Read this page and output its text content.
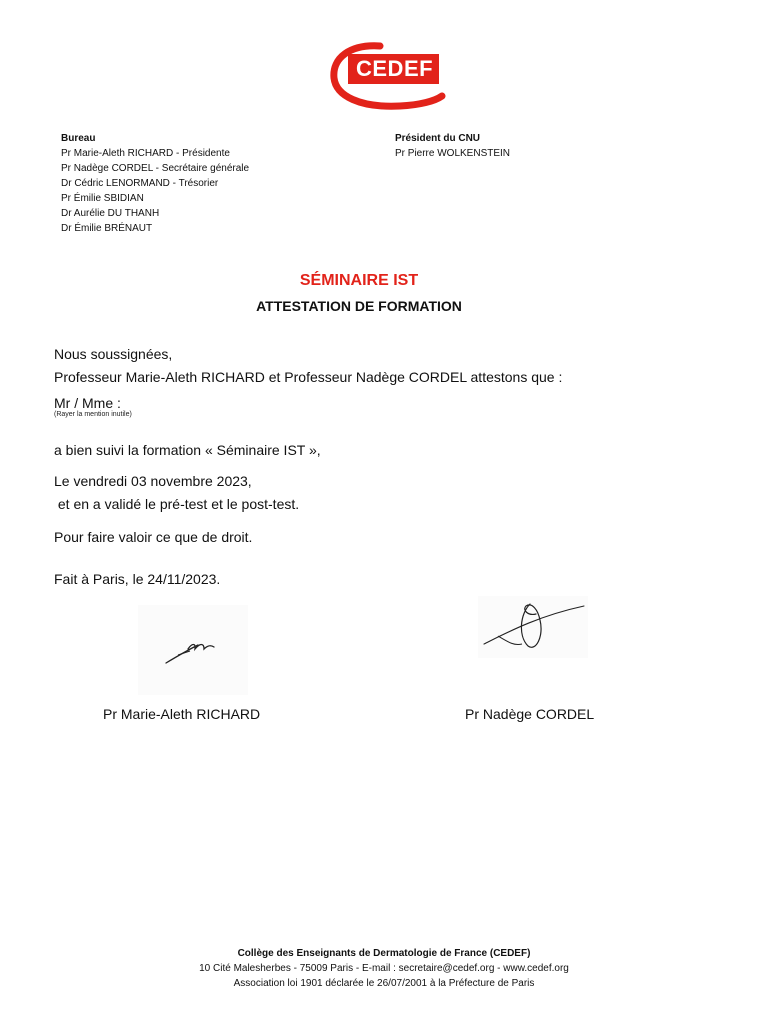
CEDEF
Bureau
Pr Marie-Aleth RICHARD - Présidente
Pr Nadège CORDEL - Secrétaire générale
Dr Cédric LENORMAND - Trésorier
Pr Émilie SBIDIAN
Dr Aurélie DU THANH
Dr Émilie BRÉNAUT
Président du CNU
Pr Pierre WOLKENSTEIN
SÉMINAIRE IST
ATTESTATION DE FORMATION
Nous soussignées,
Professeur Marie-Aleth RICHARD et Professeur Nadège CORDEL attestons que :
Mr / Mme :
(Rayer la mention inutile)
a bien suivi la formation « Séminaire IST »,
Le vendredi 03 novembre 2023,
et en a validé le pré-test et le post-test.
Pour faire valoir ce que de droit.
Fait à Paris, le 24/11/2023.
Pr Marie-Aleth RICHARD	Pr Nadège CORDEL
Collège des Enseignants de Dermatologie de France (CEDEF)
10 Cité Malesherbes - 75009 Paris - E-mail : secretaire@cedef.org - www.cedef.org
Association loi 1901 déclarée le 26/07/2001 à la Préfecture de Paris
